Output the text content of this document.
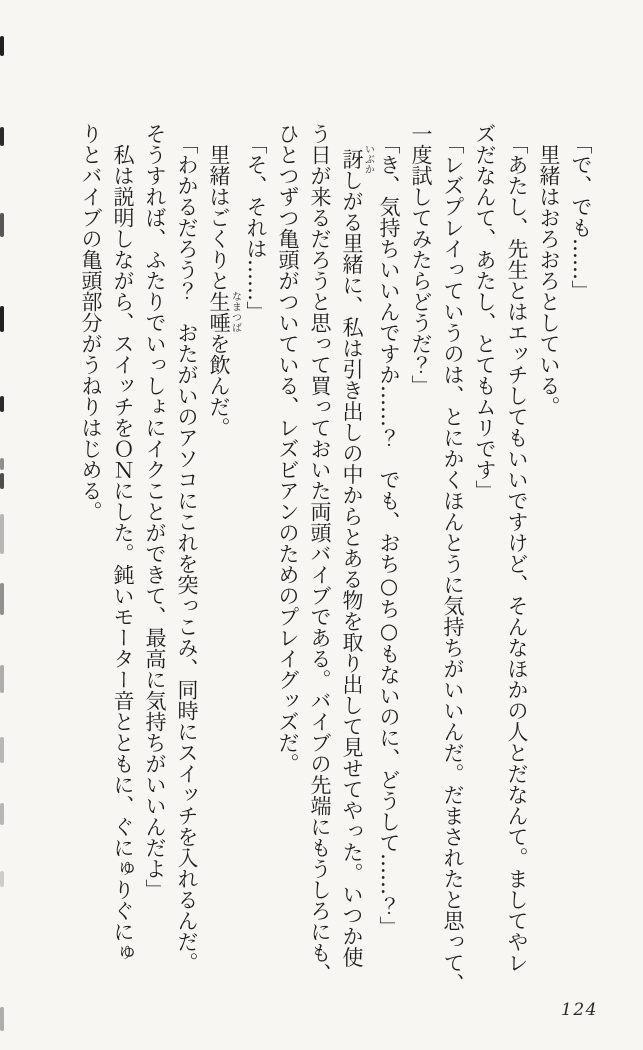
「で、でも……」

里緒はおろおろとしている。

「あたし、先生とはエッチしてもいいですけど、そんなほかの人とだなんて。ましてやレ

ズだなんて、あたし、とてもムリです」

「レズプレイっていうのは、とにかくほんとうに気持ちがいいんだ。だまされたと思って、

一度試してみたらどうだ？」

「き、気持ちいいんですか……？　でも、おち○ち○もないのに、どうして……？」

訝いぶかしがる里緒に、私は引き出しの中からとある物を取り出して見せてやった。いつか使

う日が来るだろうと思って買っておいた両頭バイブである。バイブの先端にもうしろにも、

ひとつずつ亀頭がついている、レズビアンのためのプレイグッズだ。

「そ、それは……」

里緒はごくりと生唾なまつばを飲んだ。

「わかるだろう？　おたがいのアソコにこれを突っこみ、同時にスイッチを入れるんだ。

そうすれば、ふたりでいっしょにイクことができて、最高に気持ちがいいんだよ」

私は説明しながら、スイッチをＯＮにした。鈍いモーター音とともに、ぐにゅりぐにゅ

りとバイブの亀頭部分がうねりはじめる。

124
